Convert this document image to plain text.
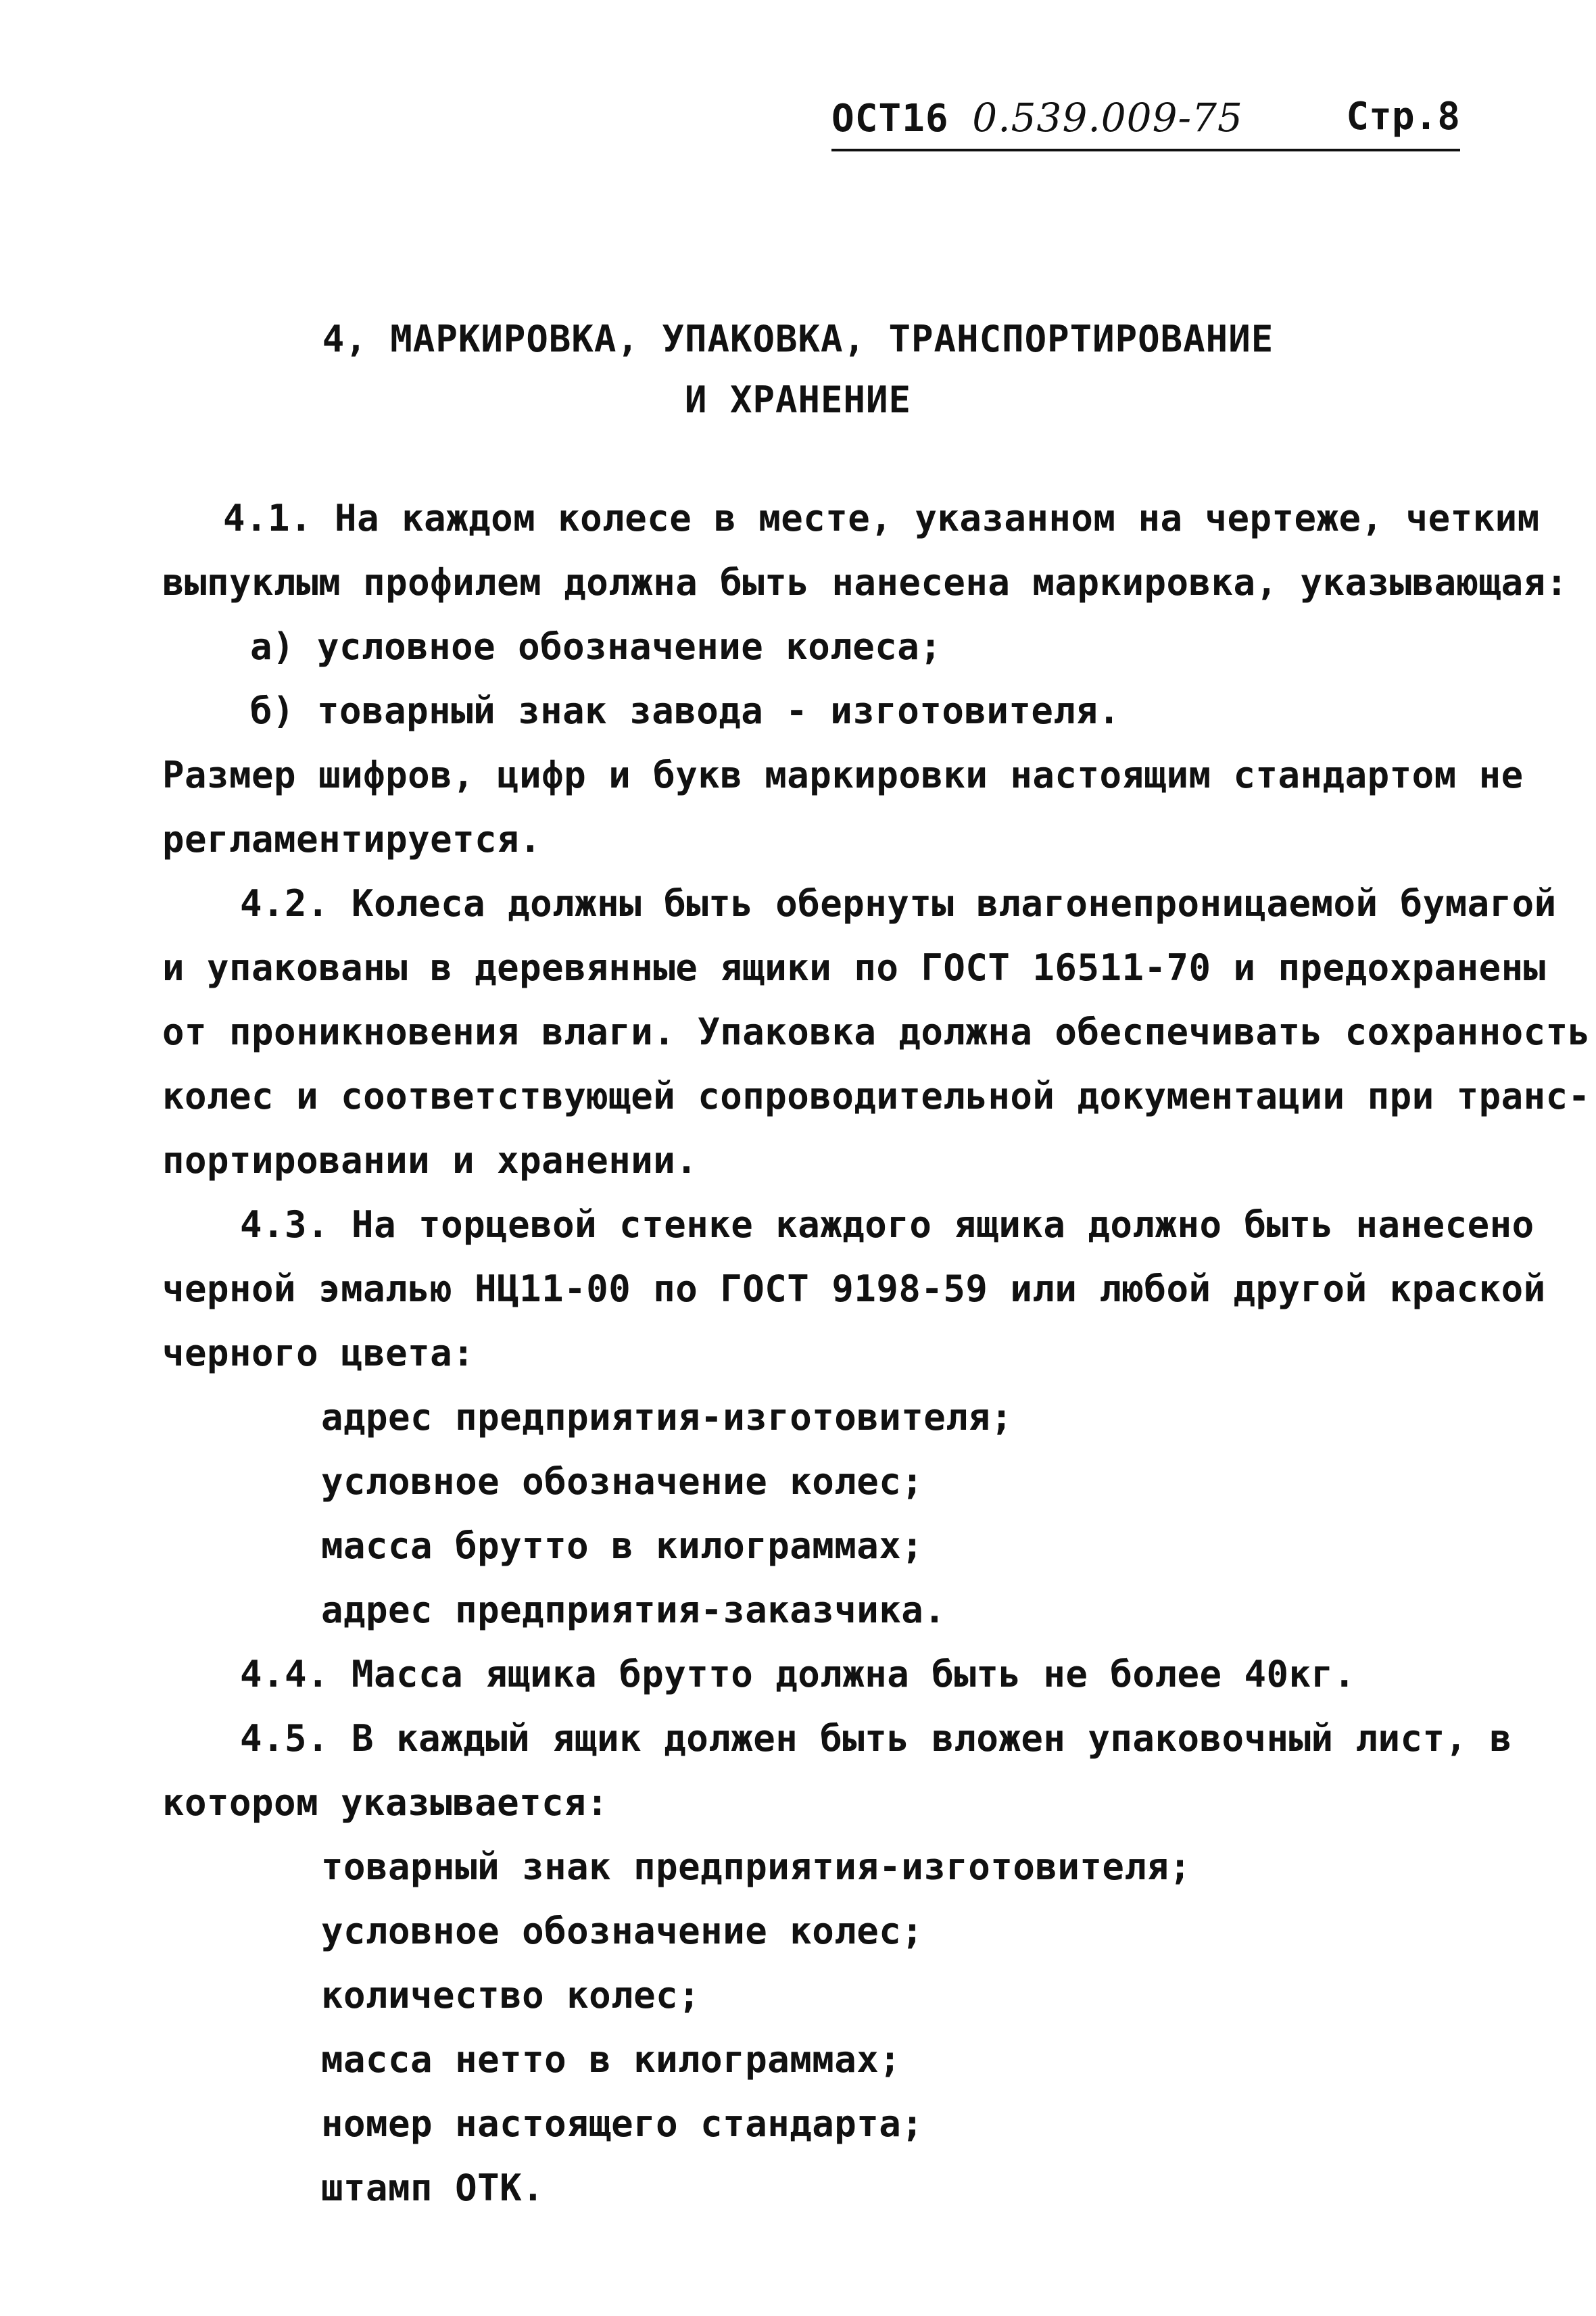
ОСТ16 0.539.009-75	Стр.8
4, МАРКИРОВКА, УПАКОВКА, ТРАНСПОРТИРОВАНИЕ
И ХРАНЕНИЕ
4.1. На каждом колесе в месте, указанном на чертеже, четким
выпуклым профилем должна быть нанесена маркировка, указывающая:
а) условное обозначение колеса;
б) товарный знак завода - изготовителя.
Размер шифров, цифр и букв маркировки настоящим стандартом не
регламентируется.
4.2. Колеса должны быть обернуты влагонепроницаемой бумагой
и упакованы в деревянные ящики по ГОСТ 16511-70 и предохранены
от проникновения влаги. Упаковка должна обеспечивать сохранность
колес и соответствующей сопроводительной документации при транс-
портировании и хранении.
4.3. На торцевой стенке каждого ящика должно быть нанесено
черной эмалью НЦ11-00 по ГОСТ 9198-59 или любой другой краской
черного цвета:
адрес предприятия-изготовителя;
условное обозначение колес;
масса брутто в килограммах;
адрес предприятия-заказчика.
4.4. Масса ящика брутто должна быть не более 40кг.
4.5. В каждый ящик должен быть вложен упаковочный лист, в
котором указывается:
товарный знак предприятия-изготовителя;
условное обозначение колес;
количество колес;
масса нетто в килограммах;
номер настоящего стандарта;
штамп ОТК.
